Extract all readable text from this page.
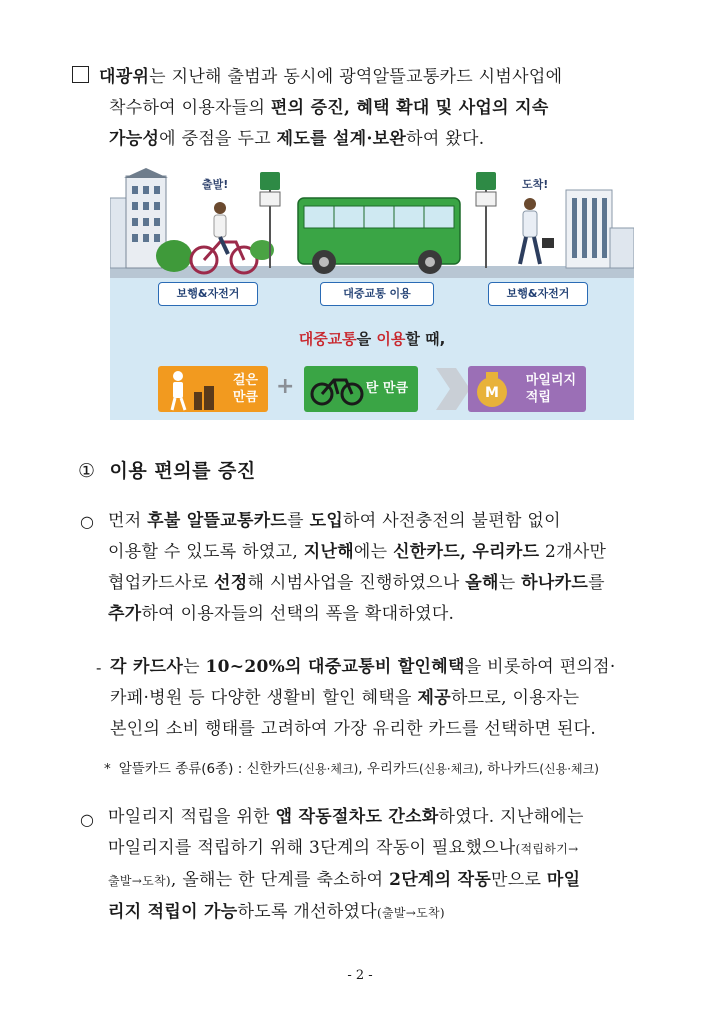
대광위는 지난해 출범과 동시에 광역알뜰교통카드 시범사업에
착수하여 이용자들의 편의 증진, 혜택 확대 및 사업의 지속
가능성에 중점을 두고 제도를 설계·보완하여 왔다.
출발!	도착!
보행&자전거	대중교통 이용	보행&자전거
대중교통을 이용할 때,
걸은
만큼 +	탄 만큼	M
마일리지
적립
① 이용 편의를 증진
○ 먼저 후불 알뜰교통카드를 도입하여 사전충전의 불편함 없이
이용할 수 있도록 하였고, 지난해에는 신한카드, 우리카드 2개사만
협업카드사로 선정해 시범사업을 진행하였으나 올해는 하나카드를
추가하여 이용자들의 선택의 폭을 확대하였다.
- 각 카드사는 10~20%의 대중교통비 할인혜택을 비롯하여 편의점·
카페·병원 등 다양한 생활비 할인 혜택을 제공하므로, 이용자는
본인의 소비 행태를 고려하여 가장 유리한 카드를 선택하면 된다.
* 알뜰카드 종류(6종) : 신한카드(신용·체크), 우리카드(신용·체크), 하나카드(신용·체크)
○ 마일리지 적립을 위한 앱 작동절차도 간소화하였다. 지난해에는
마일리지를 적립하기 위해 3단계의 작동이 필요했으나(적립하기→
출발→도착), 올해는 한 단계를 축소하여 2단계의 작동만으로 마일
리지 적립이 가능하도록 개선하였다(출발→도착)
- 2 -
